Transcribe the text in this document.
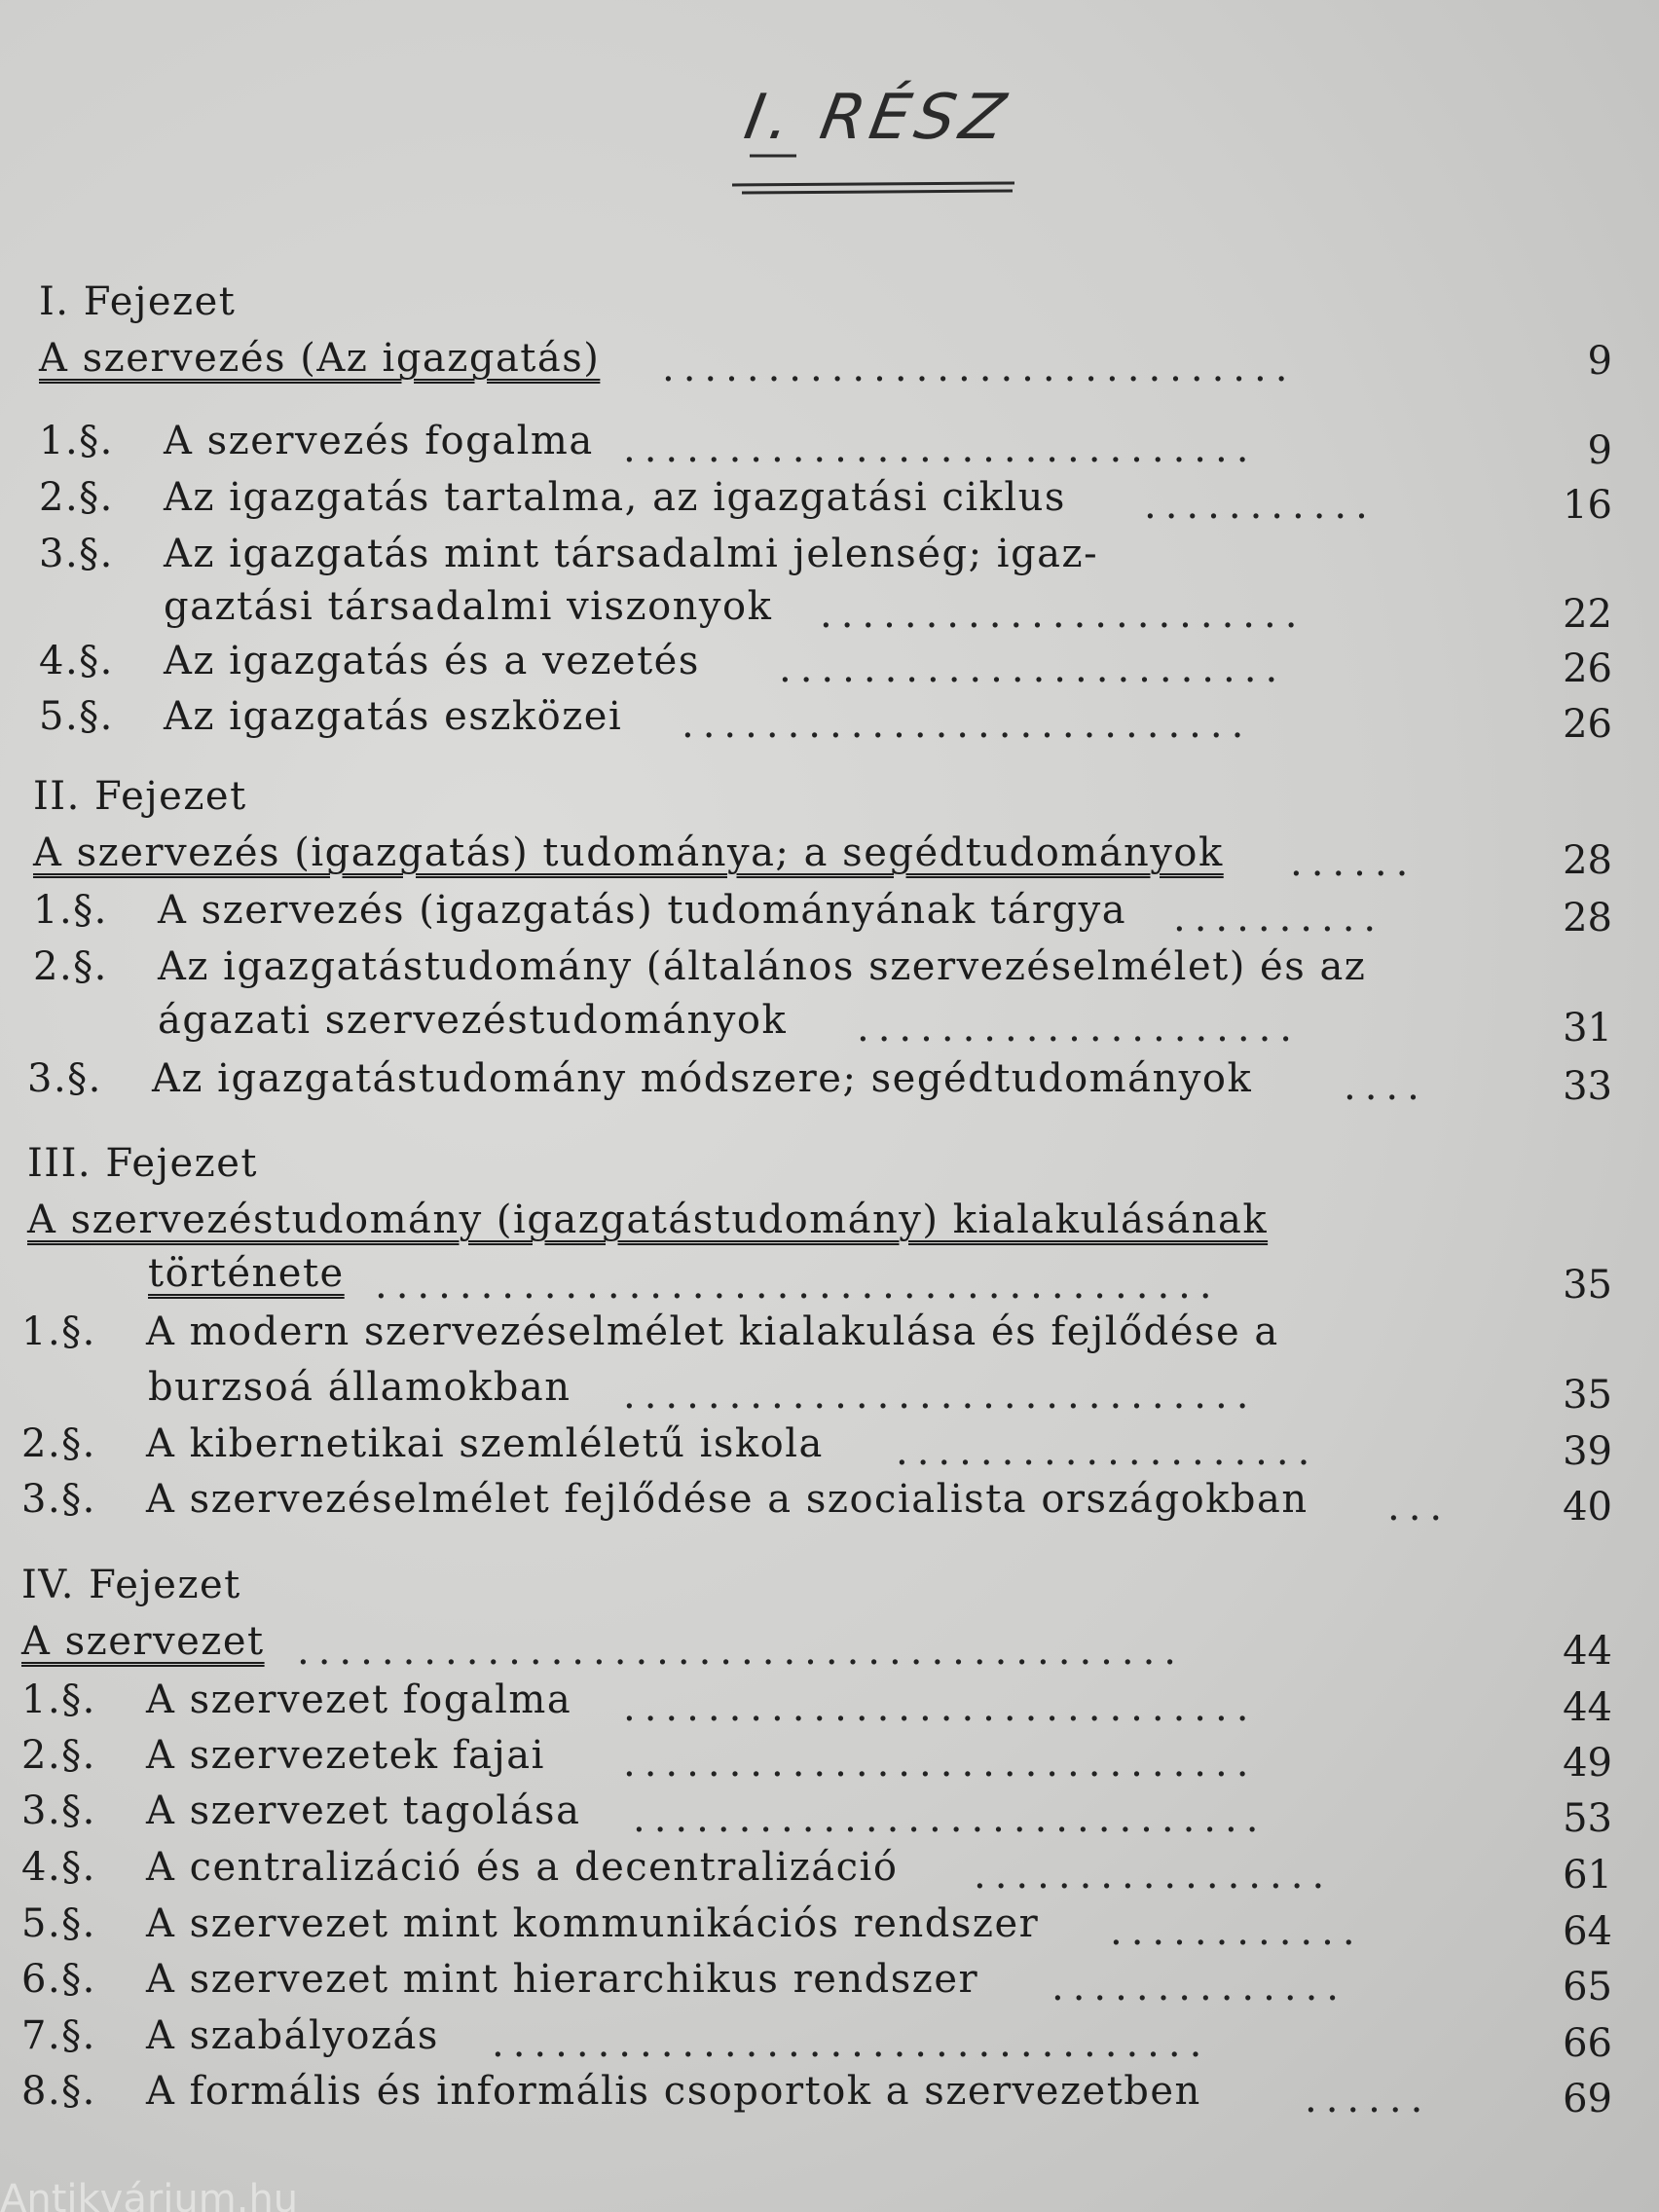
I. RÉSZ
I. Fejezet
A szervezés (Az igazgatás) ..............................	9
1.§.	A szervezés fogalma ..............................	9
2.§.	Az igazgatás tartalma, az igazgatási ciklus ...........	16
3.§.	Az igazgatás mint társadalmi jelenség; igaz-
gaztási társadalmi viszonyok .......................	22
4.§.	Az igazgatás és a vezetés ........................	26
5.§.	Az igazgatás eszközei ...........................	26
II. Fejezet
A szervezés (igazgatás) tudománya; a segédtudományok ......	28
1.§.	A szervezés (igazgatás) tudományának tárgya ..........	28
2.§.	Az igazgatástudomány (általános szervezéselmélet) és az
ágazati szervezéstudományok .....................	31
3.§.	Az igazgatástudomány módszere; segédtudományok ....	33
III. Fejezet
A szervezéstudomány (igazgatástudomány) kialakulásának
története ........................................	35
1.§.	A modern szervezéselmélet kialakulása és fejlődése a
burzsoá államokban ..............................	35
2.§.	A kibernetikai szemléletű iskola ....................	39
3.§.	A szervezéselmélet fejlődése a szocialista országokban ...	40
IV. Fejezet
A szervezet ..........................................	44
1.§.	A szervezet fogalma ..............................	44
2.§.	A szervezetek fajai ..............................	49
3.§.	A szervezet tagolása ..............................	53
4.§.	A centralizáció és a decentralizáció .................	61
5.§.	A szervezet mint kommunikációs rendszer ............	64
6.§.	A szervezet mint hierarchikus rendszer ..............	65
7.§.	A szabályozás ..................................	66
8.§.	A formális és informális csoportok a szervezetben	......	69
Antikvárium.hu
